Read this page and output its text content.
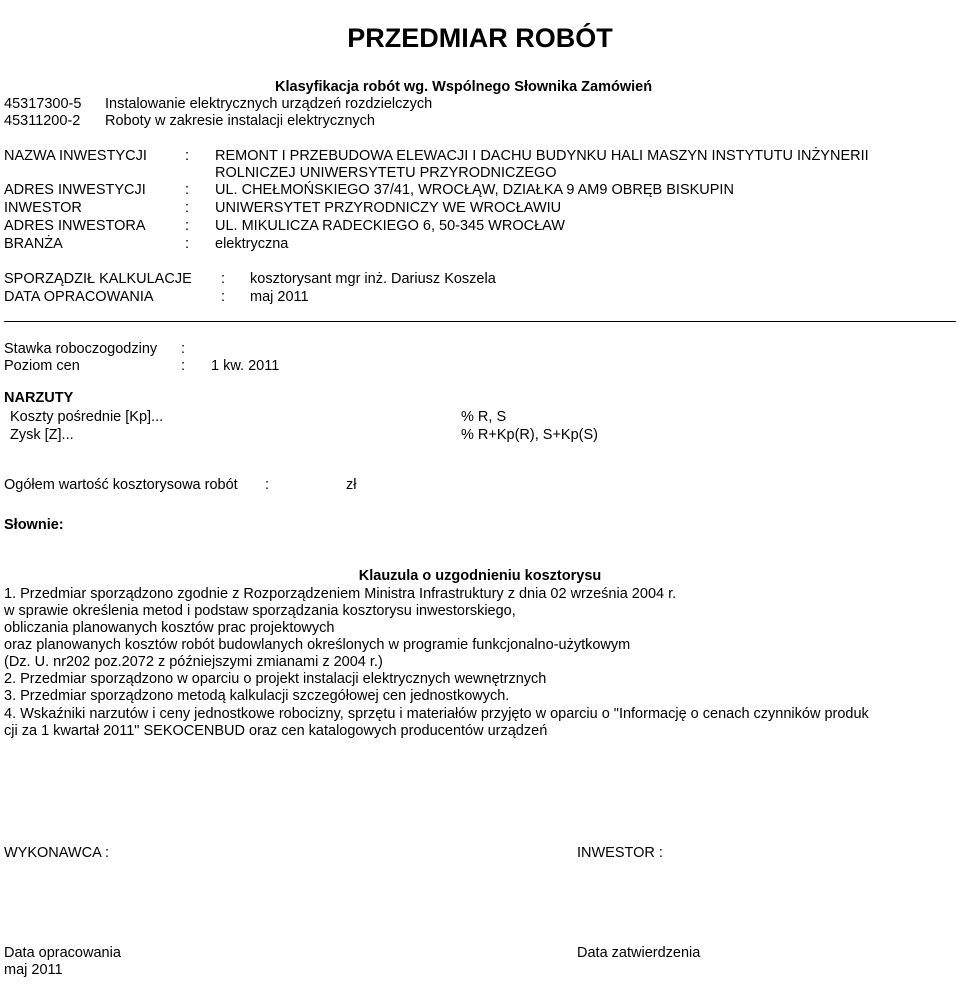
PRZEDMIAR ROBÓT
Klasyfikacja robót wg. Wspólnego Słownika Zamówień
45317300-5 Instalowanie elektrycznych urządzeń rozdzielczych
45311200-2 Roboty w zakresie instalacji elektrycznych
NAZWA INWESTYCJI	: REMONT I PRZEBUDOWA ELEWACJI I DACHU BUDYNKU HALI MASZYN INSTYTUTU INŻYNERII
ROLNICZEJ UNIWERSYTETU PRZYRODNICZEGO
ADRES INWESTYCJI	: UL. CHEŁMOŃSKIEGO 37/41, WROCŁĄW, DZIAŁKA 9 AM9 OBRĘB BISKUPIN
INWESTOR	: UNIWERSYTET PRZYRODNICZY WE WROCŁAWIU
ADRES INWESTORA	: UL. MIKULICZA RADECKIEGO 6, 50-345 WROCŁAW
BRANŻA	: elektryczna
SPORZĄDZIŁ KALKULACJE : kosztorysant mgr inż. Dariusz Koszela
DATA OPRACOWANIA	: maj 2011
Stawka roboczogodziny :
Poziom cen	: 1 kw. 2011
NARZUTY
Koszty pośrednie [Kp]...	% R, S
Zysk [Z]...	% R+Kp(R), S+Kp(S)
Ogółem wartość kosztorysowa robót :	zł
Słownie:
Klauzula o uzgodnieniu kosztorysu
1. Przedmiar sporządzono zgodnie z Rozporządzeniem Ministra Infrastruktury z dnia 02 września 2004 r.
w sprawie określenia metod i podstaw sporządzania kosztorysu inwestorskiego,
obliczania planowanych kosztów prac projektowych
oraz planowanych kosztów robót budowlanych określonych w programie funkcjonalno-użytkowym
(Dz. U. nr202 poz.2072 z późniejszymi zmianami z 2004 r.)
2. Przedmiar sporządzono w oparciu o projekt instalacji elektrycznych wewnętrznych
3. Przedmiar sporządzono metodą kalkulacji szczegółowej cen jednostkowych.
4. Wskaźniki narzutów i ceny jednostkowe robocizny, sprzętu i materiałów przyjęto w oparciu o "Informację o cenach czynników produk
cji za 1 kwartał 2011" SEKOCENBUD oraz cen katalogowych producentów urządzeń
WYKONAWCA :	INWESTOR :
Data opracowania
maj 2011
Data zatwierdzenia
